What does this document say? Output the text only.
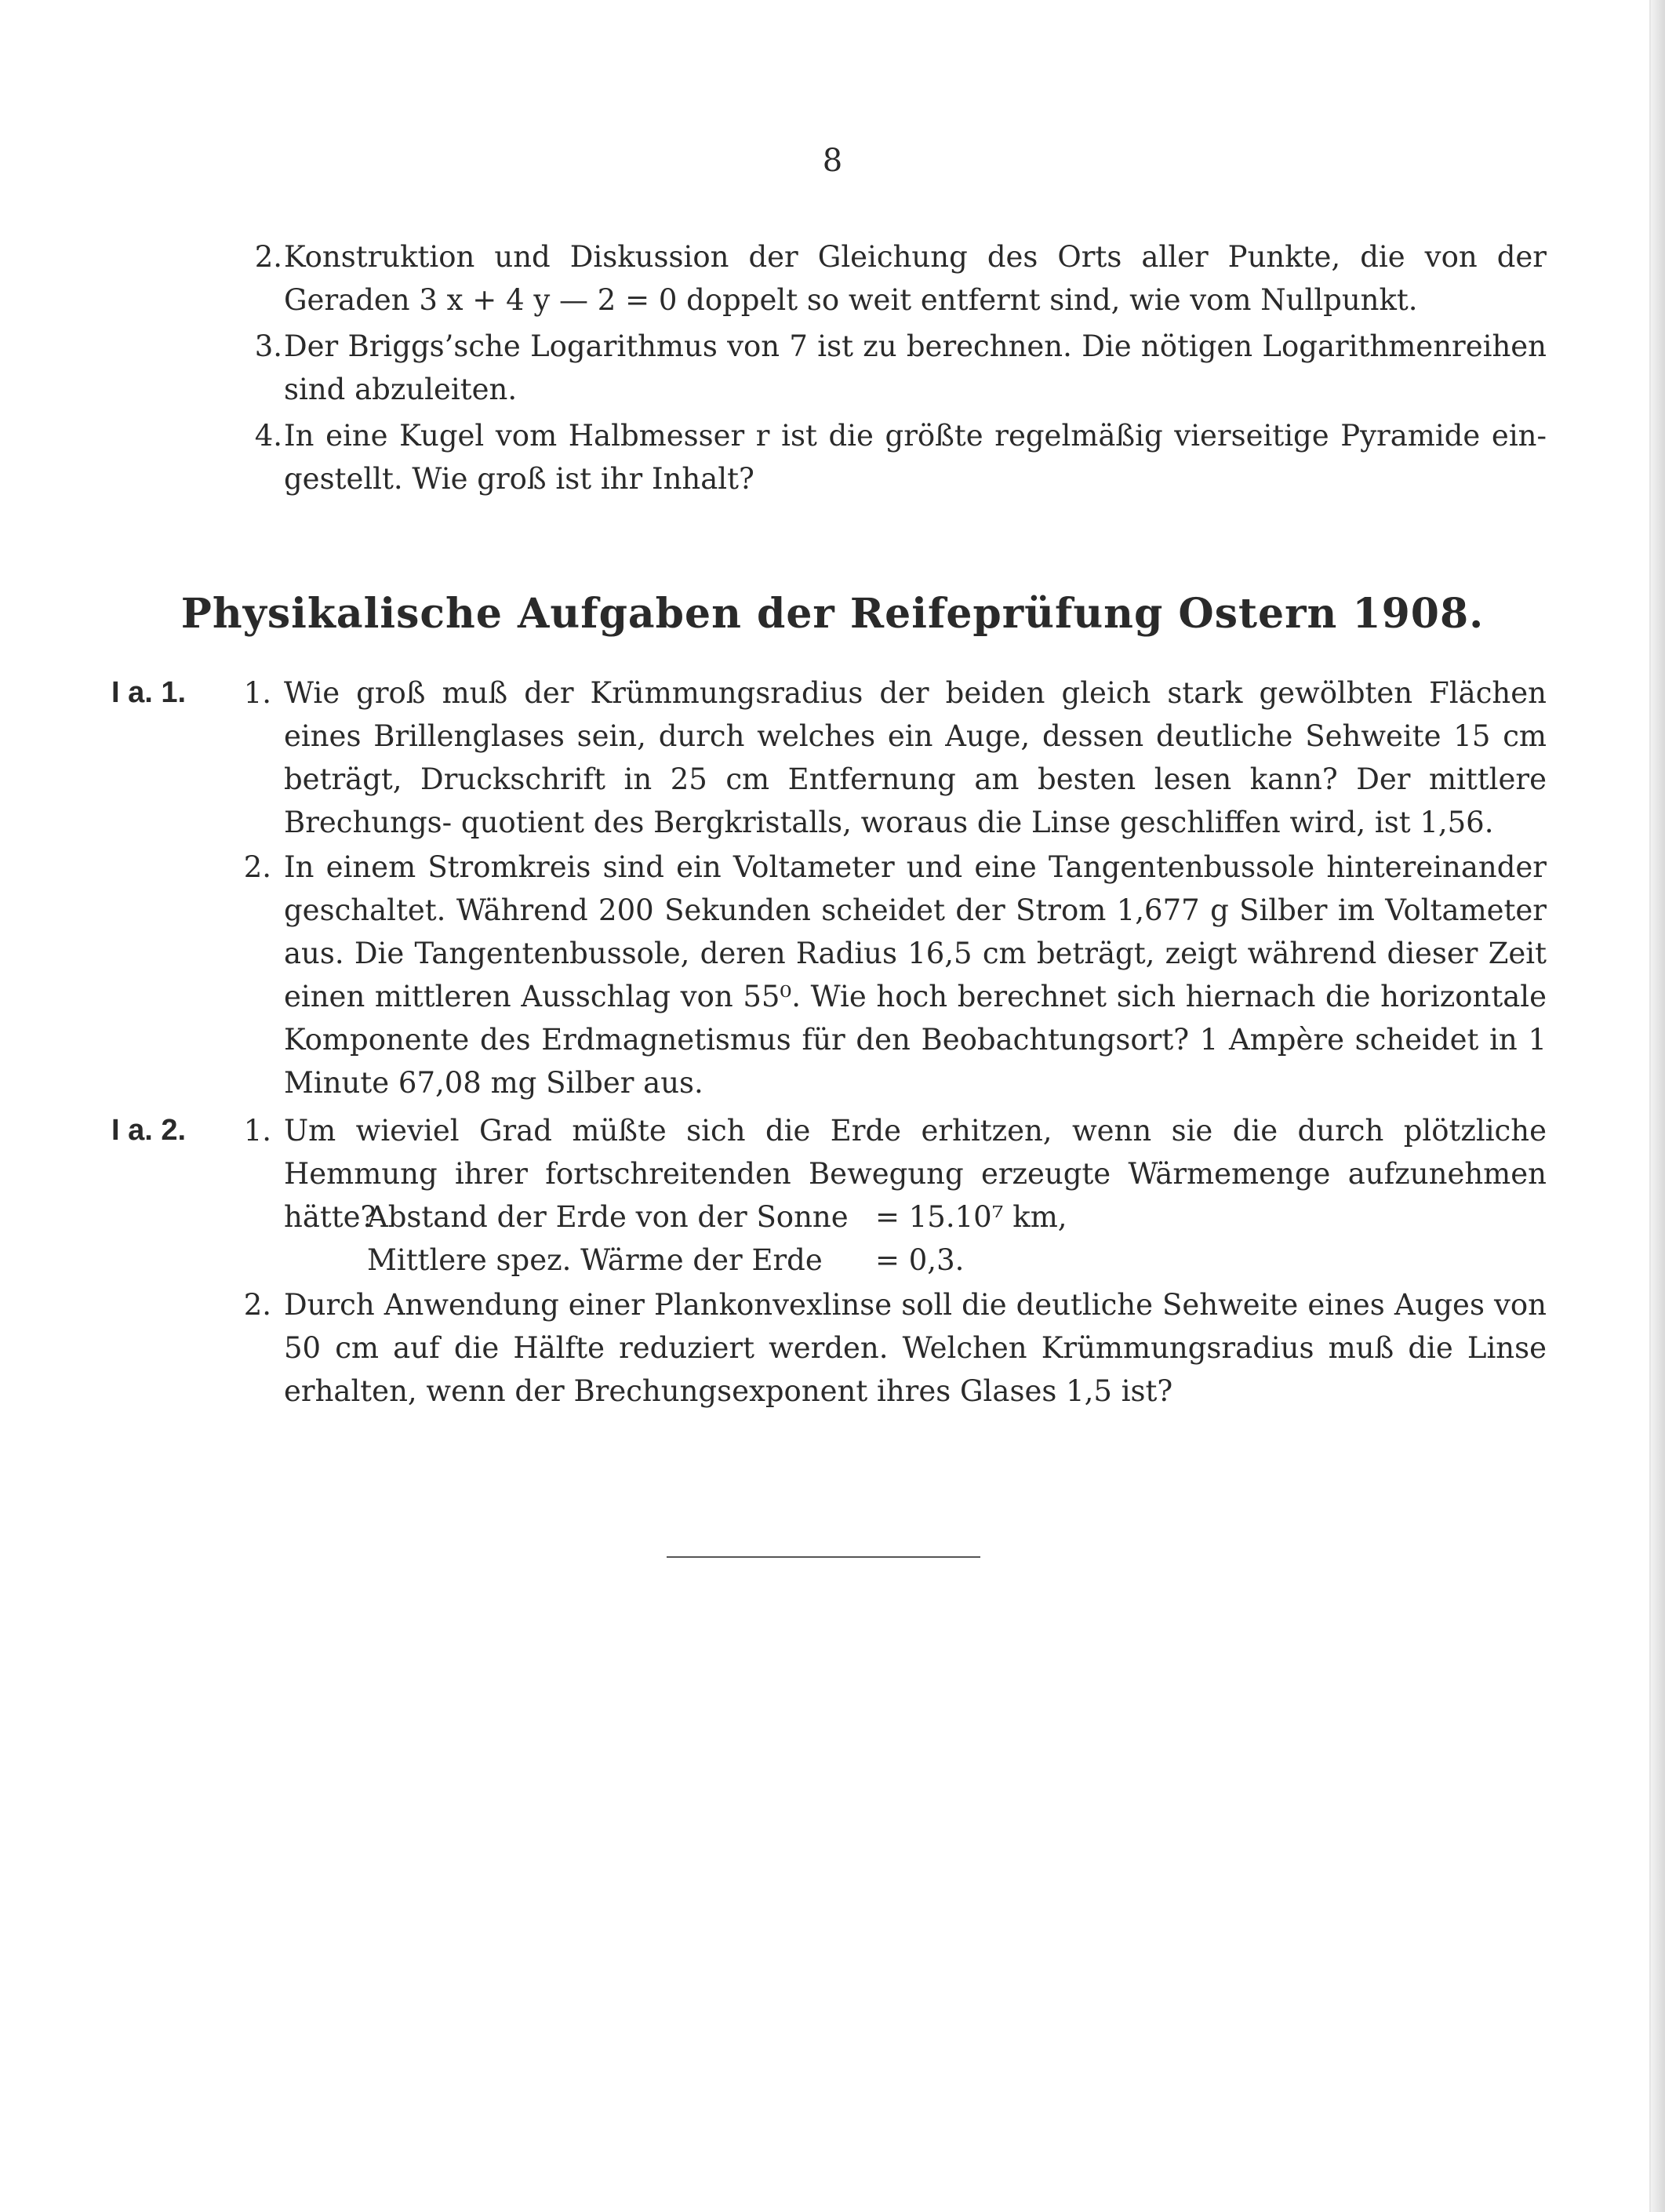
8
2. Konstruktion und Diskussion der Gleichung des Orts aller Punkte, die von der Geraden 3 x + 4 y — 2 = 0 doppelt so weit entfernt sind, wie vom Nullpunkt.
3. Der Briggs’sche Logarithmus von 7 ist zu berechnen. Die nötigen Logarithmenreihen sind abzuleiten.
4. In eine Kugel vom Halbmesser r ist die größte regelmäßig vierseitige Pyramide ein- gestellt. Wie groß ist ihr Inhalt?
Physikalische Aufgaben der Reifeprüfung Ostern 1908.
I a. 1.	1. Wie groß muß der Krümmungsradius der beiden gleich stark gewölbten Flächen eines Brillenglases sein, durch welches ein Auge, dessen deutliche Sehweite 15 cm beträgt, Druckschrift in 25 cm Entfernung am besten lesen kann? Der mittlere Brechungs- quotient des Bergkristalls, woraus die Linse geschliffen wird, ist 1,56.
2. In einem Stromkreis sind ein Voltameter und eine Tangentenbussole hintereinander geschaltet. Während 200 Sekunden scheidet der Strom 1,677 g Silber im Voltameter aus. Die Tangentenbussole, deren Radius 16,5 cm beträgt, zeigt während dieser Zeit einen mittleren Ausschlag von 55⁰. Wie hoch berechnet sich hiernach die horizontale Komponente des Erdmagnetismus für den Beobachtungsort? 1 Ampère scheidet in 1 Minute 67,08 mg Silber aus.
I a. 2.	1. Um wieviel Grad müßte sich die Erde erhitzen, wenn sie die durch plötzliche Hemmung ihrer fortschreitenden Bewegung erzeugte Wärmemenge aufzunehmen hätte?
Abstand der Erde von der Sonne = 15.10⁷ km,
Mittlere spez. Wärme der Erde = 0,3.
2. Durch Anwendung einer Plankonvexlinse soll die deutliche Sehweite eines Auges von 50 cm auf die Hälfte reduziert werden. Welchen Krümmungsradius muß die Linse erhalten, wenn der Brechungsexponent ihres Glases 1,5 ist?
